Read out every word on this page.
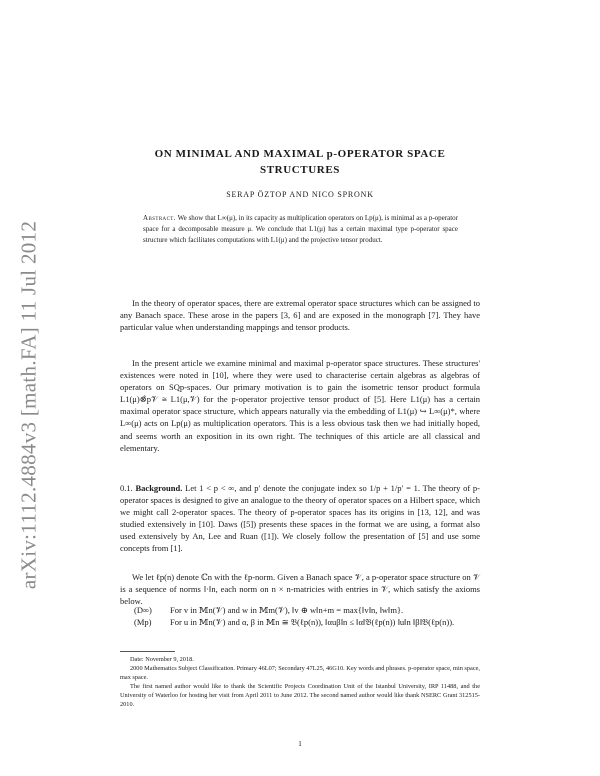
arXiv:1112.4884v3 [math.FA] 11 Jul 2012
ON MINIMAL AND MAXIMAL p-OPERATOR SPACE
STRUCTURES
SERAP ÖZTOP AND NICO SPRONK
Abstract. We show that L∞(μ), in its capacity as multiplication operators on Lp(μ), is minimal as a p-operator space for a decomposable measure μ. We conclude that L1(μ) has a certain maximal type p-operator space structure which facilitates computations with L1(μ) and the projective tensor product.

In the theory of operator spaces, there are extremal operator space structures which can be assigned to any Banach space. These arose in the papers [3, 6] and are exposed in the monograph [7]. They have particular value when understanding mappings and tensor products.

In the present article we examine minimal and maximal p-operator space structures. These structures' existences were noted in [10], where they were used to characterise certain algebras as algebras of operators on SQp-spaces. Our primary motivation is to gain the isometric tensor product formula L1(μ)⊗̂p𝒱 ≅ L1(μ,𝒱) for the p-operator projective tensor product of [5]. Here L1(μ) has a certain maximal operator space structure, which appears naturally via the embedding of L1(μ) ↪ L∞(μ)*, where L∞(μ) acts on Lp(μ) as multiplication operators. This is a less obvious task then we had initially hoped, and seems worth an exposition in its own right. The techniques of this article are all classical and elementary.

0.1. Background. Let 1 < p < ∞, and p′ denote the conjugate index so 1/p + 1/p′ = 1. The theory of p-operator spaces is designed to give an analogue to the theory of operator spaces on a Hilbert space, which we might call 2-operator spaces. The theory of p-operator spaces has its origins in [13, 12], and was studied extensively in [10]. Daws ([5]) presents these spaces in the format we are using, a format also used extensively by An, Lee and Ruan ([1]). We closely follow the presentation of [5] and use some concepts from [1].

We let ℓp(n) denote ℂn with the ℓp-norm. Given a Banach space 𝒱, a p-operator space structure on 𝒱 is a sequence of norms ‖·‖n, each norm on n × n-matricies with entries in 𝒱, which satisfy the axioms below.

(D∞)	For v in 𝕄n(𝒱) and w in 𝕄m(𝒱), ‖v ⊕ w‖n+m = max{‖v‖n, ‖w‖m}.
(Mp)	For u in 𝕄n(𝒱) and α, β in 𝕄n ≅ 𝔅(ℓp(n)), ‖αuβ‖n ≤ ‖α‖𝔅(ℓp(n)) ‖u‖n ‖β‖𝔅(ℓp(n)).

Date: November 9, 2018.

2000 Mathematics Subject Classification. Primary 46L07; Secondary 47L25, 46G10. Key words and phrases. p-operator space, min space, max space.

The first named author would like to thank the Scientific Projects Coordination Unit of the Istanbul University, IRP 11488, and the University of Waterloo for hosting her visit from April 2011 to June 2012. The second named author would like thank NSERC Grant 312515-2010.

1
